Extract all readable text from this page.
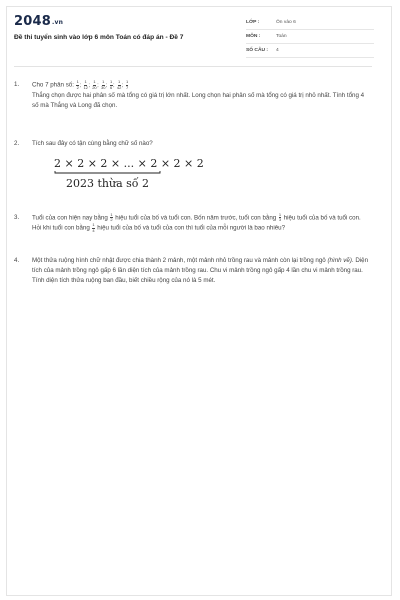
2048.vn
Đề thi tuyển sinh vào lớp 6 môn Toán có đáp án - Đề 7
LỚP :	Ôn vào 6
MÔN :	Toán
SỐ CÂU :	4
1.	Cho 7 phân số: $\frac{1}{2}$ ; $\frac{1}{12}$ ; $\frac{1}{20}$ ; $\frac{1}{30}$ ; $\frac{1}{6}$ ; $\frac{1}{42}$ ; $\frac{1}{7}$

Thắng chọn được hai phân số mà tổng có giá trị lớn nhất. Long chọn hai phân số mà tổng có giá trị nhỏ nhất. Tính tổng 4 số mà Thắng và Long đã chọn.

2.	Tích sau đây có tận cùng bằng chữ số nào?

2 × 2 × 2 × ... × 2 × 2 × 2
2023 thừa số 2
3.	Tuổi của con hiện nay bằng $\frac{1}{2}$ hiệu tuổi của bố và tuổi con. Bốn năm trước, tuổi con bằng $\frac{1}{3}$ hiệu tuổi của bố và tuổi con. Hỏi khi tuổi con bằng $\frac{1}{4}$ hiệu tuổi của bố và tuổi của con thì tuổi của mỗi người là bao nhiêu?

4.	Một thửa ruộng hình chữ nhật được chia thành 2 mảnh, một mảnh nhỏ trồng rau và mảnh còn lại trồng ngô (hình vẽ). Diện tích của mảnh trồng ngô gấp 6 lần diện tích của mảnh trồng rau. Chu vi mảnh trồng ngô gấp 4 lần chu vi mảnh trồng rau. Tính diện tích thửa ruộng ban đầu, biết chiều rộng của nó là 5 mét.
